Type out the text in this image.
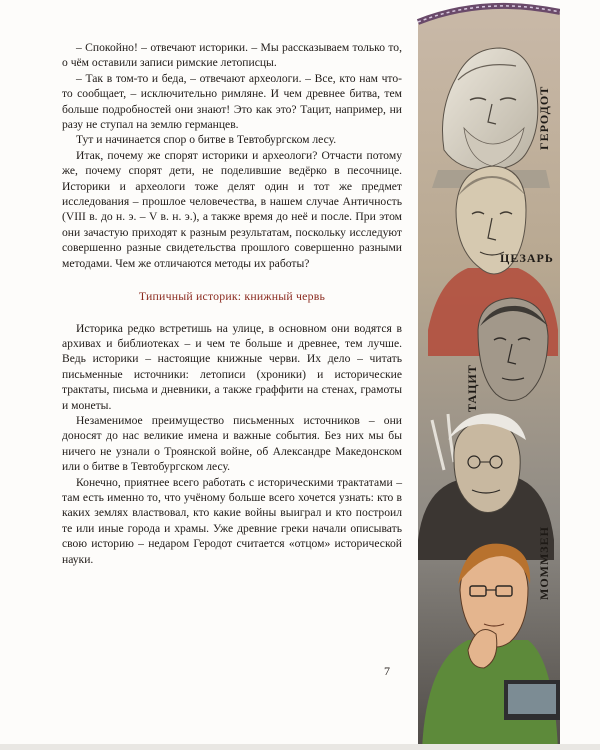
– Спокойно! – отвечают историки. – Мы рассказываем только то, о чём оставили записи римские летописцы.

– Так в том-то и беда, – отвечают археологи. – Все, кто нам что-то сообщает, – исключительно римляне. И чем древнее битва, тем больше подробностей они знают! Это как это? Тацит, например, ни разу не ступал на землю германцев.

Тут и начинается спор о битве в Тевтобургском лесу.

Итак, почему же спорят историки и археологи? Отчасти потому же, почему спорят дети, не поделившие ведёрко в песочнице. Историки и археологи тоже делят один и тот же предмет исследования – прошлое человечества, в нашем случае Античность (VIII в. до н. э. – V в. н. э.), а также время до неё и после. При этом они зачастую приходят к разным результатам, поскольку исследуют совершенно разные свидетельства прошлого совершенно разными методами. Чем же отличаются методы их работы?

Типичный историк: книжный червь

Историка редко встретишь на улице, в основном они водятся в архивах и библиотеках – и чем те больше и древнее, тем лучше. Ведь историки – настоящие книжные черви. Их дело – читать письменные источники: летописи (хроники) и исторические трактаты, письма и дневники, а также граффити на стенах, грамоты и монеты.

Незаменимое преимущество письменных источников – они доносят до нас великие имена и важные события. Без них мы бы ничего не узнали о Троянской войне, об Александре Македонском или о битве в Тевтобургском лесу.

Конечно, приятнее всего работать с историческими трактатами – там есть именно то, что учёному больше всего хочется узнать: кто в каких землях властвовал, кто какие войны выиграл и кто построил те или иные города и храмы. Уже древние греки начали описывать свою историю – недаром Геродот считается «отцом» исторической науки.

7
ГЕРОДОТ
ЦЕЗАРЬ
ТАЦИТ
МОММЗЕН
